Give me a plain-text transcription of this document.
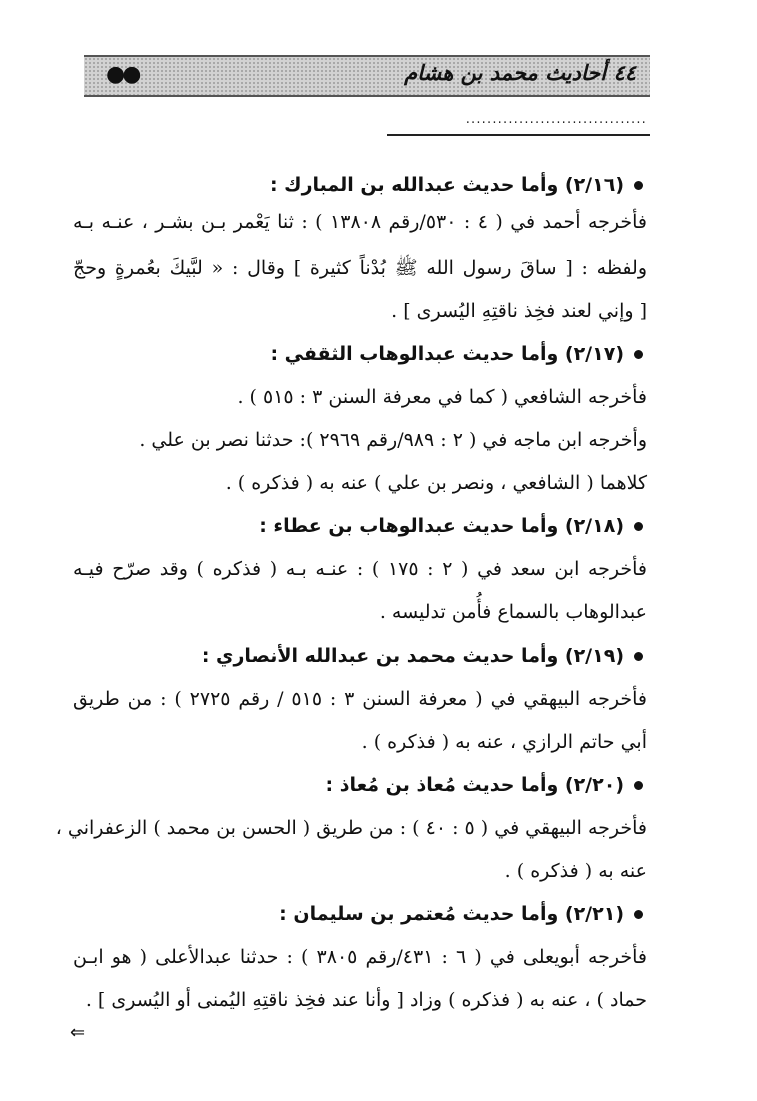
●●	٤٤ أحاديث محمد بن هشام
..................................
(٢/١٦) وأما حديث عبدالله بن المبارك :
فأخرجه أحمد في ( ٤ : ٥٣٠/رقم ١٣٨٠٨ ) : ثنا يَعْمر بـن بشـر ، عنـه بـه
ولفظه : [ ساقَ رسول الله ﷺ بُدْناً كثيرة ] وقال : « لبَّيكَ بعُمرةٍ وحجّ
[ وإني لعند فخِذ ناقتِهِ اليُسرى ] .
(٢/١٧) وأما حديث عبدالوهاب الثقفي :
فأخرجه الشافعي ( كما في معرفة السنن ٣ : ٥١٥ ) .
وأخرجه ابن ماجه في ( ٢ : ٩٨٩/رقم ٢٩٦٩ ): حدثنا نصر بن علي .
كلاهما ( الشافعي ، ونصر بن علي ) عنه به ( فذكره ) .
(٢/١٨) وأما حديث عبدالوهاب بن عطاء :
فأخرجه ابن سعد في ( ٢ : ١٧٥ ) : عنـه بـه ( فذكره ) وقد صرّح فيـه
عبدالوهاب بالسماع فأُمن تدليسه .
(٢/١٩) وأما حديث محمد بن عبدالله الأنصاري :
فأخرجه البيهقي في ( معرفة السنن ٣ : ٥١٥ / رقم ٢٧٢٥ ) : من طريق
أبي حاتم الرازي ، عنه به ( فذكره ) .
(٢/٢٠) وأما حديث مُعاذ بن مُعاذ :
فأخرجه البيهقي في ( ٥ : ٤٠ ) : من طريق ( الحسن بن محمد ) الزعفراني ،
عنه به ( فذكره ) .
(٢/٢١) وأما حديث مُعتمر بن سليمان :
فأخرجه أبويعلى في ( ٦ : ٤٣١/رقم ٣٨٠٥ ) : حدثنا عبدالأعلى ( هو ابـن
حماد ) ، عنه به ( فذكره ) وزاد [ وأنا عند فخِذ ناقتِهِ اليُمنى أو اليُسرى ] .
⇐
